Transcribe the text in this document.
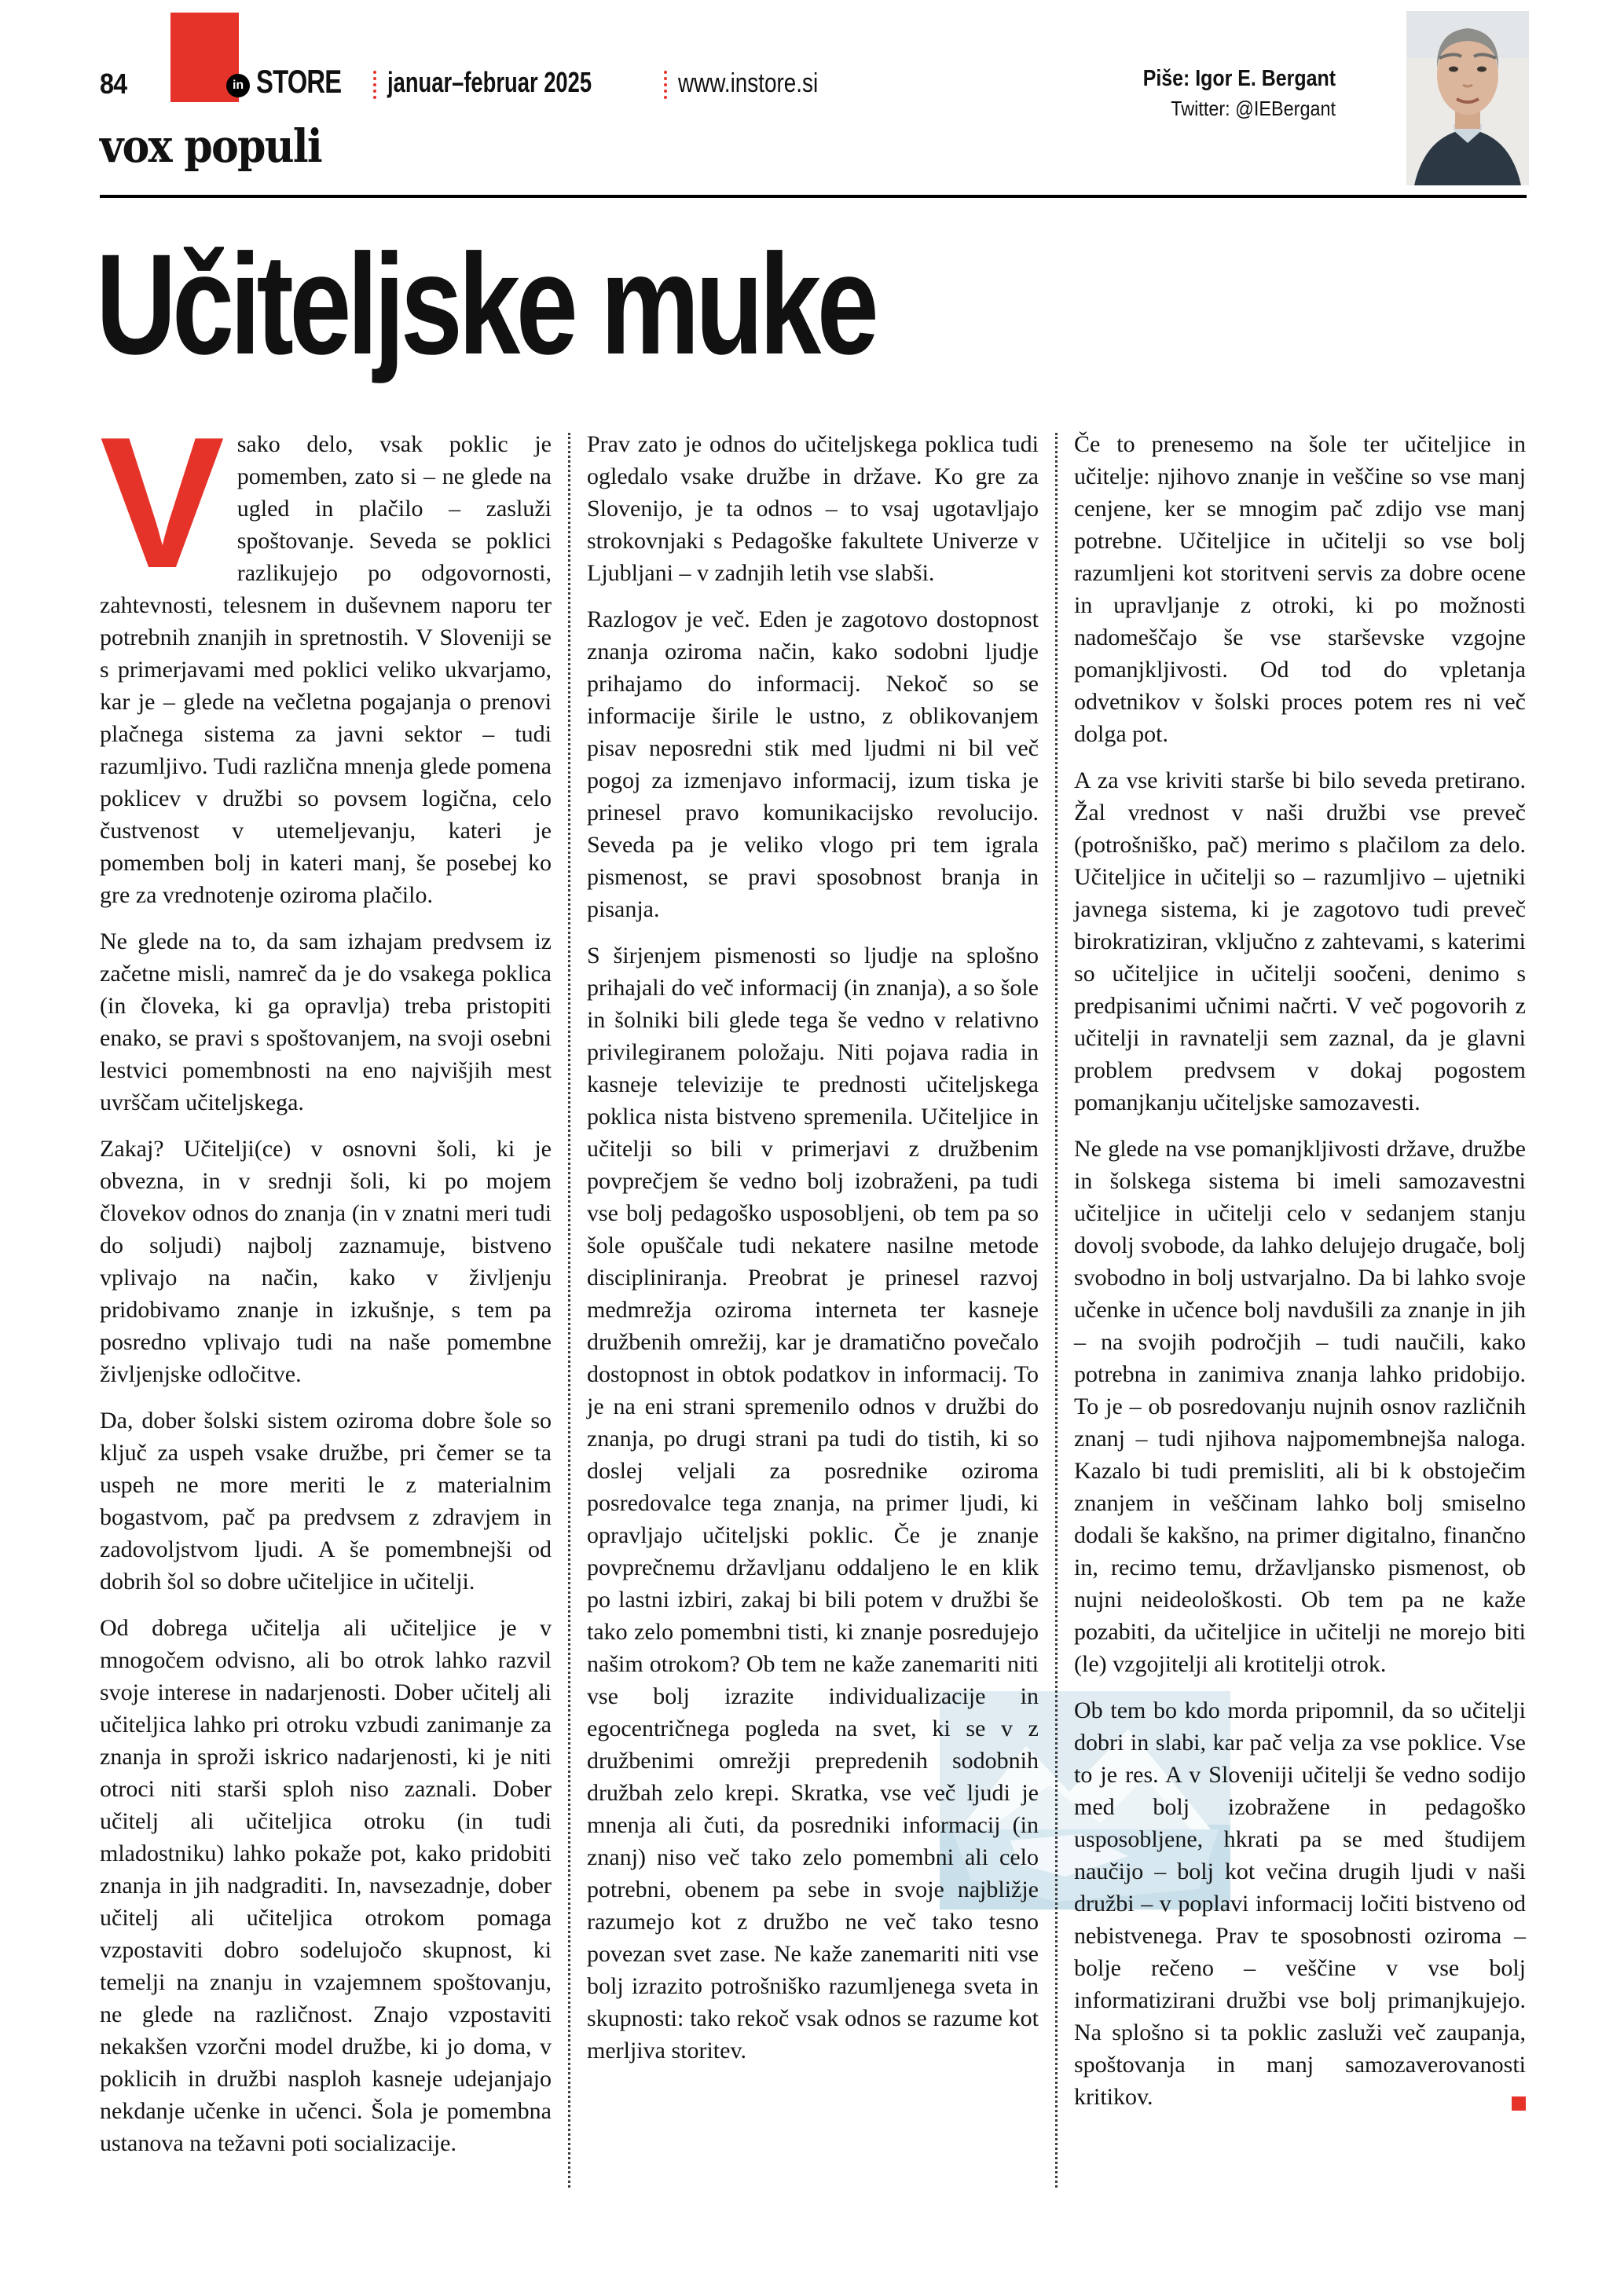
84	in STORE januar–februar 2025	www.instore.si	Piše: Igor E. Bergant
Twitter: @IEBergant
vox populi
Učiteljske muke

Vsako delo, vsak poklic je pomemben, zato si – ne glede na ugled in plačilo – zasluži spoštovanje. Seveda se poklici razlikujejo po odgovornosti, zahtevnosti, telesnem in duševnem naporu ter potrebnih znanjih in spretnostih. V Sloveniji se s primerjavami med poklici veliko ukvarjamo, kar je – glede na večletna pogajanja o prenovi plačnega sistema za javni sektor – tudi razumljivo. Tudi različna mnenja glede pomena poklicev v družbi so povsem logična, celo čustvenost v utemeljevanju, kateri je pomemben bolj in kateri manj, še posebej ko gre za vrednotenje oziroma plačilo.

Ne glede na to, da sam izhajam predvsem iz začetne misli, namreč da je do vsakega poklica (in človeka, ki ga opravlja) treba pristopiti enako, se pravi s spoštovanjem, na svoji osebni lestvici pomembnosti na eno najvišjih mest uvrščam učiteljskega.

Zakaj? Učitelji(ce) v osnovni šoli, ki je obvezna, in v srednji šoli, ki po mojem človekov odnos do znanja (in v znatni meri tudi do soljudi) najbolj zaznamuje, bistveno vplivajo na način, kako v življenju pridobivamo znanje in izkušnje, s tem pa posredno vplivajo tudi na naše pomembne življenjske odločitve.

Da, dober šolski sistem oziroma dobre šole so ključ za uspeh vsake družbe, pri čemer se ta uspeh ne more meriti le z materialnim bogastvom, pač pa predvsem z zdravjem in zadovoljstvom ljudi. A še pomembnejši od dobrih šol so dobre učiteljice in učitelji.

Od dobrega učitelja ali učiteljice je v mnogočem odvisno, ali bo otrok lahko razvil svoje interese in nadarjenosti. Dober učitelj ali učiteljica lahko pri otroku vzbudi zanimanje za znanja in sproži iskrico nadarjenosti, ki je niti otroci niti starši sploh niso zaznali. Dober učitelj ali učiteljica otroku (in tudi mladostniku) lahko pokaže pot, kako pridobiti znanja in jih nadgraditi. In, navsezadnje, dober učitelj ali učiteljica otrokom pomaga vzpostaviti dobro sodelujočo skupnost, ki temelji na znanju in vzajemnem spoštovanju, ne glede na različnost. Znajo vzpostaviti nekakšen vzorčni model družbe, ki jo doma, v poklicih in družbi nasploh kasneje udejanjajo nekdanje učenke in učenci. Šola je pomembna ustanova na težavni poti socializacije.

Prav zato je odnos do učiteljskega poklica tudi ogledalo vsake družbe in države. Ko gre za Slovenijo, je ta odnos – to vsaj ugotavljajo strokovnjaki s Pedagoške fakultete Univerze v Ljubljani – v zadnjih letih vse slabši.

Razlogov je več. Eden je zagotovo dostopnost znanja oziroma način, kako sodobni ljudje prihajamo do informacij. Nekoč so se informacije širile le ustno, z oblikovanjem pisav neposredni stik med ljudmi ni bil več pogoj za izmenjavo informacij, izum tiska je prinesel pravo komunikacijsko revolucijo. Seveda pa je veliko vlogo pri tem igrala pismenost, se pravi sposobnost branja in pisanja.

S širjenjem pismenosti so ljudje na splošno prihajali do več informacij (in znanja), a so šole in šolniki bili glede tega še vedno v relativno privilegiranem položaju. Niti pojava radia in kasneje televizije te prednosti učiteljskega poklica nista bistveno spremenila. Učiteljice in učitelji so bili v primerjavi z družbenim povprečjem še vedno bolj izobraženi, pa tudi vse bolj pedagoško usposobljeni, ob tem pa so šole opuščale tudi nekatere nasilne metode discipliniranja. Preobrat je prinesel razvoj medmrežja oziroma interneta ter kasneje družbenih omrežij, kar je dramatično povečalo dostopnost in obtok podatkov in informacij. To je na eni strani spremenilo odnos v družbi do znanja, po drugi strani pa tudi do tistih, ki so doslej veljali za posrednike oziroma posredovalce tega znanja, na primer ljudi, ki opravljajo učiteljski poklic. Če je znanje povprečnemu državljanu oddaljeno le en klik po lastni izbiri, zakaj bi bili potem v družbi še tako zelo pomembni tisti, ki znanje posredujejo našim otrokom? Ob tem ne kaže zanemariti niti vse bolj izrazite individualizacije in egocentričnega pogleda na svet, ki se v z družbenimi omrežji prepredenih sodobnih družbah zelo krepi. Skratka, vse več ljudi je mnenja ali čuti, da posredniki informacij (in znanj) niso več tako zelo pomembni ali celo potrebni, obenem pa sebe in svoje najbližje razumejo kot z družbo ne več tako tesno povezan svet zase. Ne kaže zanemariti niti vse bolj izrazito potrošniško razumljenega sveta in skupnosti: tako rekoč vsak odnos se razume kot merljiva storitev.

Če to prenesemo na šole ter učiteljice in učitelje: njihovo znanje in veščine so vse manj cenjene, ker se mnogim pač zdijo vse manj potrebne. Učiteljice in učitelji so vse bolj razumljeni kot storitveni servis za dobre ocene in upravljanje z otroki, ki po možnosti nadomeščajo še vse starševske vzgojne pomanjkljivosti. Od tod do vpletanja odvetnikov v šolski proces potem res ni več dolga pot.

A za vse kriviti starše bi bilo seveda pretirano. Žal vrednost v naši družbi vse preveč (potrošniško, pač) merimo s plačilom za delo. Učiteljice in učitelji so – razumljivo – ujetniki javnega sistema, ki je zagotovo tudi preveč birokratiziran, vključno z zahtevami, s katerimi so učiteljice in učitelji soočeni, denimo s predpisanimi učnimi načrti. V več pogovorih z učitelji in ravnatelji sem zaznal, da je glavni problem predvsem v dokaj pogostem pomanjkanju učiteljske samozavesti.

Ne glede na vse pomanjkljivosti države, družbe in šolskega sistema bi imeli samozavestni učiteljice in učitelji celo v sedanjem stanju dovolj svobode, da lahko delujejo drugače, bolj svobodno in bolj ustvarjalno. Da bi lahko svoje učenke in učence bolj navdušili za znanje in jih – na svojih področjih – tudi naučili, kako potrebna in zanimiva znanja lahko pridobijo. To je – ob posredovanju nujnih osnov različnih znanj – tudi njihova najpomembnejša naloga. Kazalo bi tudi premisliti, ali bi k obstoječim znanjem in veščinam lahko bolj smiselno dodali še kakšno, na primer digitalno, finančno in, recimo temu, državljansko pismenost, ob nujni neideološkosti. Ob tem pa ne kaže pozabiti, da učiteljice in učitelji ne morejo biti (le) vzgojitelji ali krotitelji otrok.

Ob tem bo kdo morda pripomnil, da so učitelji dobri in slabi, kar pač velja za vse poklice. Vse to je res. A v Sloveniji učitelji še vedno sodijo med bolj izobražene in pedagoško usposobljene, hkrati pa se med študijem naučijo – bolj kot večina drugih ljudi v naši družbi – v poplavi informacij ločiti bistveno od nebistvenega. Prav te sposobnosti oziroma – bolje rečeno – veščine v vse bolj informatizirani družbi vse bolj primanjkujejo. Na splošno si ta poklic zasluži več zaupanja, spoštovanja in manj samozaverovanosti kritikov.
